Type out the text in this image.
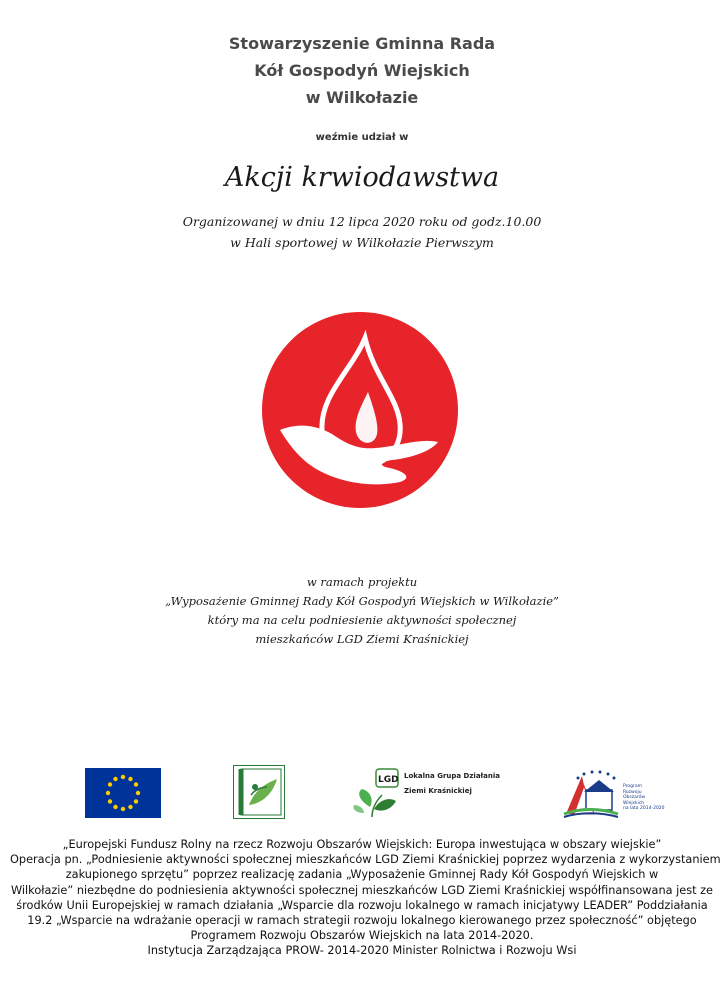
Stowarzyszenie Gminna Rada
Kół Gospodyń Wiejskich
w Wilkołazie
weźmie udział w
Akcji krwiodawstwa
Organizowanej w dniu 12 lipca 2020 roku od godz.10.00
w Hali sportowej w Wilkołazie Pierwszym
w ramach projektu
„Wyposażenie Gminnej Rady Kół Gospodyń Wiejskich w Wilkołazie”
który ma na celu podniesienie aktywności społecznej
mieszkańców LGD Ziemi Kraśnickiej
LGD Lokalna Grupa Działania
Ziemi Kraśnickiej
Program
Rozwoju
Obszarów
Wiejskich
na lata 2014-2020
„Europejski Fundusz Rolny na rzecz Rozwoju Obszarów Wiejskich: Europa inwestująca w obszary wiejskie”
Operacja pn. „Podniesienie aktywności społecznej mieszkańców LGD Ziemi Kraśnickiej poprzez wydarzenia z wykorzystaniem
zakupionego sprzętu” poprzez realizację zadania „Wyposażenie Gminnej Rady Kół Gospodyń Wiejskich w
Wilkołazie” niezbędne do podniesienia aktywności społecznej mieszkańców LGD Ziemi Kraśnickiej współfinansowana jest ze
środków Unii Europejskiej w ramach działania „Wsparcie dla rozwoju lokalnego w ramach inicjatywy LEADER” Poddziałania
19.2 „Wsparcie na wdrażanie operacji w ramach strategii rozwoju lokalnego kierowanego przez społeczność” objętego
Programem Rozwoju Obszarów Wiejskich na lata 2014-2020.
Instytucja Zarządzająca PROW- 2014-2020 Minister Rolnictwa i Rozwoju Wsi
